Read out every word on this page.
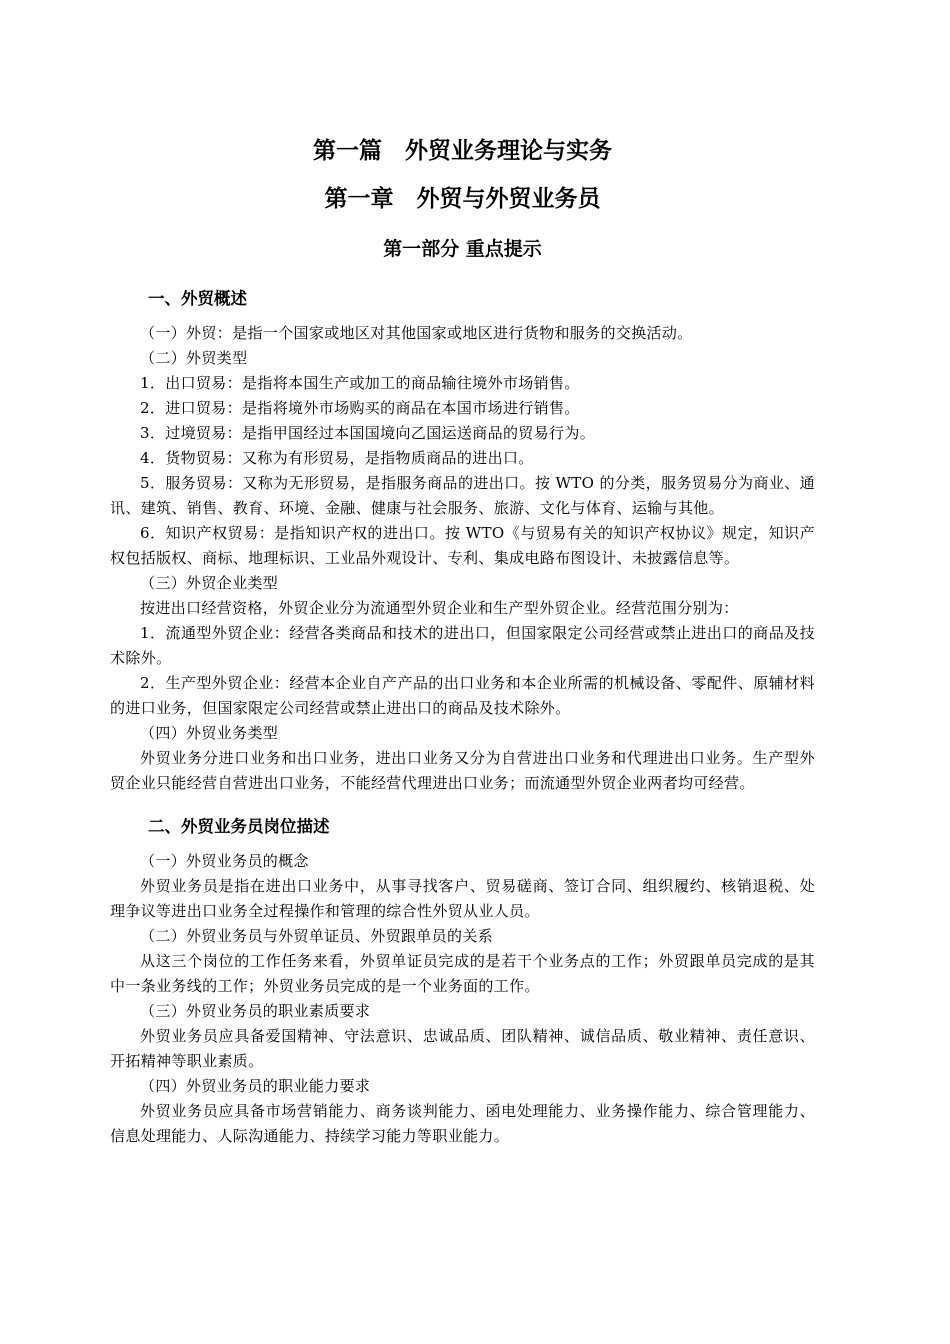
第一篇　外贸业务理论与实务
第一章　外贸与外贸业务员
第一部分 重点提示
一、外贸概述

（一）外贸：是指一个国家或地区对其他国家或地区进行货物和服务的交换活动。

（二）外贸类型

1．出口贸易：是指将本国生产或加工的商品输往境外市场销售。

2．进口贸易：是指将境外市场购买的商品在本国市场进行销售。

3．过境贸易：是指甲国经过本国国境向乙国运送商品的贸易行为。

4．货物贸易：又称为有形贸易，是指物质商品的进出口。

5．服务贸易：又称为无形贸易，是指服务商品的进出口。按 WTO 的分类，服务贸易分为商业、通讯、建筑、销售、教育、环境、金融、健康与社会服务、旅游、文化与体育、运输与其他。

6．知识产权贸易：是指知识产权的进出口。按 WTO《与贸易有关的知识产权协议》规定，知识产权包括版权、商标、地理标识、工业品外观设计、专利、集成电路布图设计、未披露信息等。

（三）外贸企业类型

按进出口经营资格，外贸企业分为流通型外贸企业和生产型外贸企业。经营范围分别为：

1．流通型外贸企业：经营各类商品和技术的进出口，但国家限定公司经营或禁止进出口的商品及技术除外。

2．生产型外贸企业：经营本企业自产产品的出口业务和本企业所需的机械设备、零配件、原辅材料的进口业务，但国家限定公司经营或禁止进出口的商品及技术除外。

（四）外贸业务类型

外贸业务分进口业务和出口业务，进出口业务又分为自营进出口业务和代理进出口业务。生产型外贸企业只能经营自营进出口业务，不能经营代理进出口业务；而流通型外贸企业两者均可经营。

二、外贸业务员岗位描述

（一）外贸业务员的概念

外贸业务员是指在进出口业务中，从事寻找客户、贸易磋商、签订合同、组织履约、核销退税、处理争议等进出口业务全过程操作和管理的综合性外贸从业人员。

（二）外贸业务员与外贸单证员、外贸跟单员的关系

从这三个岗位的工作任务来看，外贸单证员完成的是若干个业务点的工作；外贸跟单员完成的是其中一条业务线的工作；外贸业务员完成的是一个业务面的工作。

（三）外贸业务员的职业素质要求

外贸业务员应具备爱国精神、守法意识、忠诚品质、团队精神、诚信品质、敬业精神、责任意识、开拓精神等职业素质。

（四）外贸业务员的职业能力要求

外贸业务员应具备市场营销能力、商务谈判能力、函电处理能力、业务操作能力、综合管理能力、信息处理能力、人际沟通能力、持续学习能力等职业能力。
